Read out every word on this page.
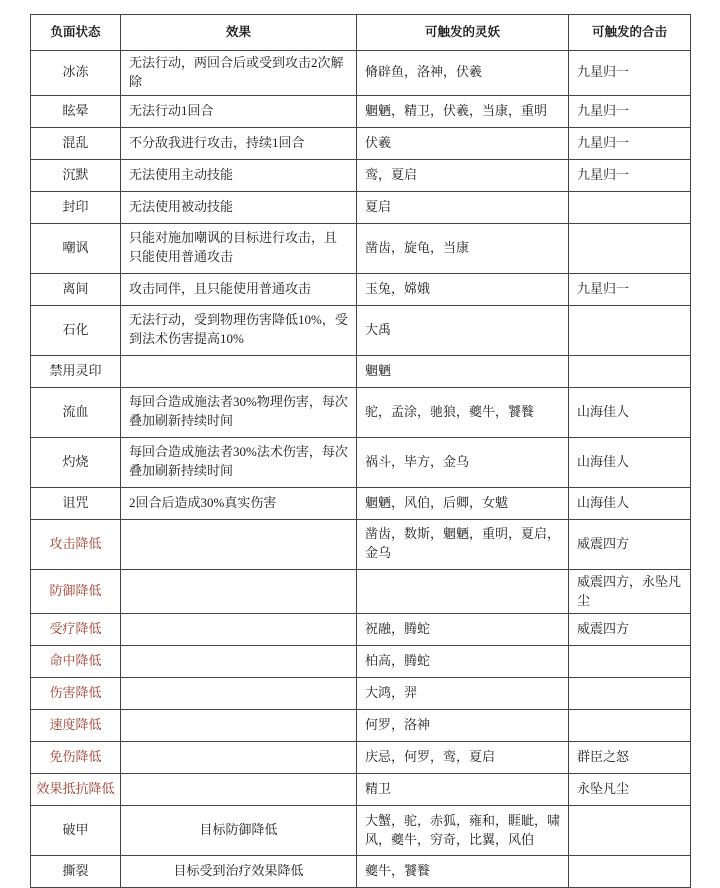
负面状态	效果	可触发的灵妖	可触发的合击
冰冻	无法行动，两回合后或受到攻击2次解除	脩辟鱼，洛神，伏羲	九星归一
眩晕	无法行动1回合	魍魉，精卫，伏羲，当康，重明	九星归一
混乱	不分敌我进行攻击，持续1回合	伏羲	九星归一
沉默	无法使用主动技能	鸾，夏启	九星归一
封印	无法使用被动技能	夏启	
嘲讽	只能对施加嘲讽的目标进行攻击，且只能使用普通攻击	凿齿，旋龟，当康	
离间	攻击同伴，且只能使用普通攻击	玉兔，嫦娥	九星归一
石化	无法行动，受到物理伤害降低10%，受到法术伤害提高10%	大禹	
禁用灵印		魍魉	
流血	每回合造成施法者30%物理伤害，每次叠加刷新持续时间	驼，孟涂，驰狼，夔牛，饕餮	山海佳人
灼烧	每回合造成施法者30%法术伤害，每次叠加刷新持续时间	祸斗，毕方，金乌	山海佳人
诅咒	2回合后造成30%真实伤害	魍魉，风伯，后卿，女魃	山海佳人
攻击降低		凿齿，数斯，魍魉，重明，夏启，金乌	威震四方
防御降低			威震四方，永坠凡尘
受疗降低		祝融，腾蛇	威震四方
命中降低		柏高，腾蛇	
伤害降低		大鸿，羿	
速度降低		何罗，洛神	
免伤降低		庆忌，何罗，鸾，夏启	群臣之怒
效果抵抗降低		精卫	永坠凡尘
破甲	目标防御降低	大蟹，驼，赤狐，雍和，睚眦，啸风，夔牛，穷奇，比翼，风伯	
撕裂	目标受到治疗效果降低	夔牛，饕餮	
